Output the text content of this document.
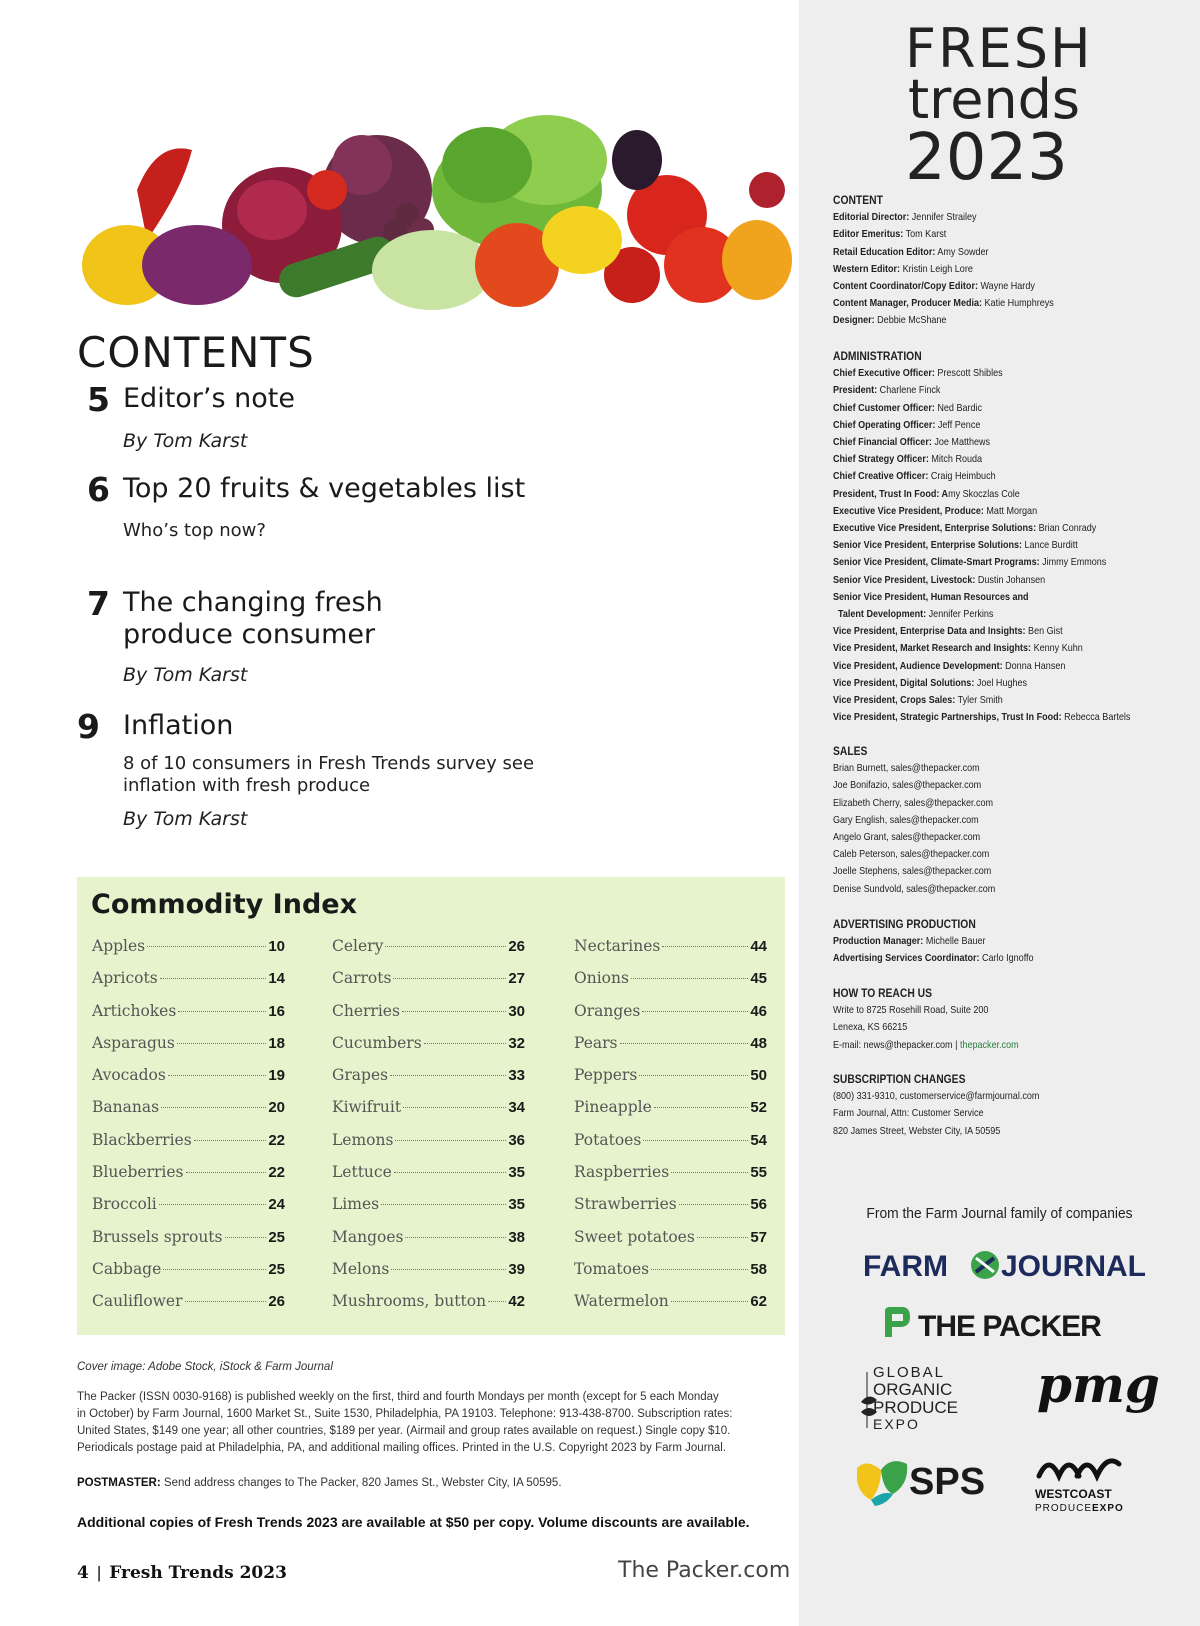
CONTENTS
5 Editor’s note
By Tom Karst
6 Top 20 fruits & vegetables list
Who’s top now?
7 The changing fresh
produce consumer
By Tom Karst
9 Inflation
8 of 10 consumers in Fresh Trends survey see
inflation with fresh produce
By Tom Karst
Commodity Index
Apples	10
Apricots	14
Artichokes	16
Asparagus	18
Avocados	19
Bananas	20
Blackberries	22
Blueberries	22
Broccoli	24
Brussels sprouts	25
Cabbage	25
Cauliflower	26
Celery	26
Carrots	27
Cherries	30
Cucumbers	32
Grapes	33
Kiwifruit	34
Lemons	36
Lettuce	35
Limes	35
Mangoes	38
Melons	39
Mushrooms, button 42
Nectarines	44
Onions	45
Oranges	46
Pears	48
Peppers	50
Pineapple	52
Potatoes	54
Raspberries	55
Strawberries	56
Sweet potatoes	57
Tomatoes	58
Watermelon	62
Cover image: Adobe Stock, iStock & Farm Journal
The Packer (ISSN 0030-9168) is published weekly on the first, third and fourth Mondays per month (except for 5 each Monday
in October) by Farm Journal, 1600 Market St., Suite 1530, Philadelphia, PA 19103. Telephone: 913-438-8700. Subscription rates:
United States, $149 one year; all other countries, $189 per year. (Airmail and group rates available on request.) Single copy $10.
Periodicals postage paid at Philadelphia, PA, and additional mailing offices. Printed in the U.S. Copyright 2023 by Farm Journal.
POSTMASTER: Send address changes to The Packer, 820 James St., Webster City, IA 50595.
Additional copies of Fresh Trends 2023 are available at $50 per copy. Volume discounts are available.
4 | Fresh Trends 2023	The Packer.com
FRESH
trends
2023
CONTENT
Editorial Director: Jennifer Strailey
Editor Emeritus: Tom Karst
Retail Education Editor: Amy Sowder
Western Editor: Kristin Leigh Lore
Content Coordinator/Copy Editor: Wayne Hardy
Content Manager, Producer Media: Katie Humphreys
Designer: Debbie McShane
ADMINISTRATION
Chief Executive Officer: Prescott Shibles
President: Charlene Finck
Chief Customer Officer: Ned Bardic
Chief Operating Officer: Jeff Pence
Chief Financial Officer: Joe Matthews
Chief Strategy Officer: Mitch Rouda
Chief Creative Officer: Craig Heimbuch
President, Trust In Food: Amy Skoczlas Cole
Executive Vice President, Produce: Matt Morgan
Executive Vice President, Enterprise Solutions: Brian Conrady
Senior Vice President, Enterprise Solutions: Lance Burditt
Senior Vice President, Climate-Smart Programs: Jimmy Emmons
Senior Vice President, Livestock: Dustin Johansen
Senior Vice President, Human Resources and
Talent Development: Jennifer Perkins
Vice President, Enterprise Data and Insights: Ben Gist
Vice President, Market Research and Insights: Kenny Kuhn
Vice President, Audience Development: Donna Hansen
Vice President, Digital Solutions: Joel Hughes
Vice President, Crops Sales: Tyler Smith
Vice President, Strategic Partnerships, Trust In Food: Rebecca Bartels
SALES
Brian Burnett, sales@thepacker.com
Joe Bonifazio, sales@thepacker.com
Elizabeth Cherry, sales@thepacker.com
Gary English, sales@thepacker.com
Angelo Grant, sales@thepacker.com
Caleb Peterson, sales@thepacker.com
Joelle Stephens, sales@thepacker.com
Denise Sundvold, sales@thepacker.com
ADVERTISING PRODUCTION
Production Manager: Michelle Bauer
Advertising Services Coordinator: Carlo Ignoffo
HOW TO REACH US
Write to 8725 Rosehill Road, Suite 200
Lenexa, KS 66215
E-mail: news@thepacker.com | thepacker.com
SUBSCRIPTION CHANGES
(800) 331-9310, customerservice@farmjournal.com
Farm Journal, Attn: Customer Service
820 James Street, Webster City, IA 50595
From the Farm Journal family of companies
FARM JOURNAL
THE PACKER
GLOBAL
ORGANIC
PRODUCE
EXPO
pmg
SPS	WESTCOAST
PRODUCEEXPO
